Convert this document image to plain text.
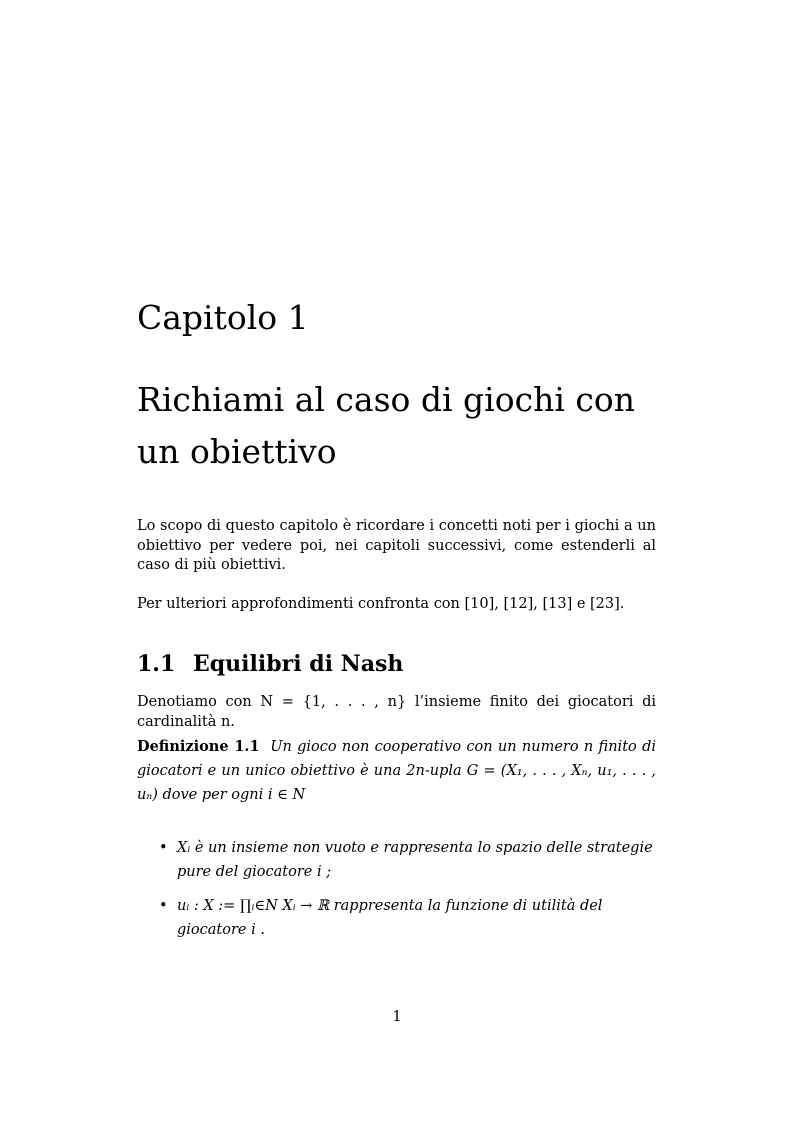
Capitolo 1
Richiami al caso di giochi con un obiettivo

Lo scopo di questo capitolo è ricordare i concetti noti per i giochi a un obiettivo per vedere poi, nei capitoli successivi, come estenderli al caso di più obiettivi.

Per ulteriori approfondimenti confronta con [10], [12], [13] e [23].

1.1 Equilibri di Nash

Denotiamo con N = {1, . . . , n} l’insieme finito dei giocatori di cardinalità n.

Definizione 1.1 Un gioco non cooperativo con un numero n finito di giocatori e un unico obiettivo è una 2n-upla G = (X₁, . . . , Xₙ, u₁, . . . , uₙ) dove per ogni i ∈ N

• Xᵢ è un insieme non vuoto e rappresenta lo spazio delle strategie pure del giocatore i ;
• uᵢ : X := ∏ᵢ∈N Xᵢ → ℝ rappresenta la funzione di utilità del giocatore i .

1
